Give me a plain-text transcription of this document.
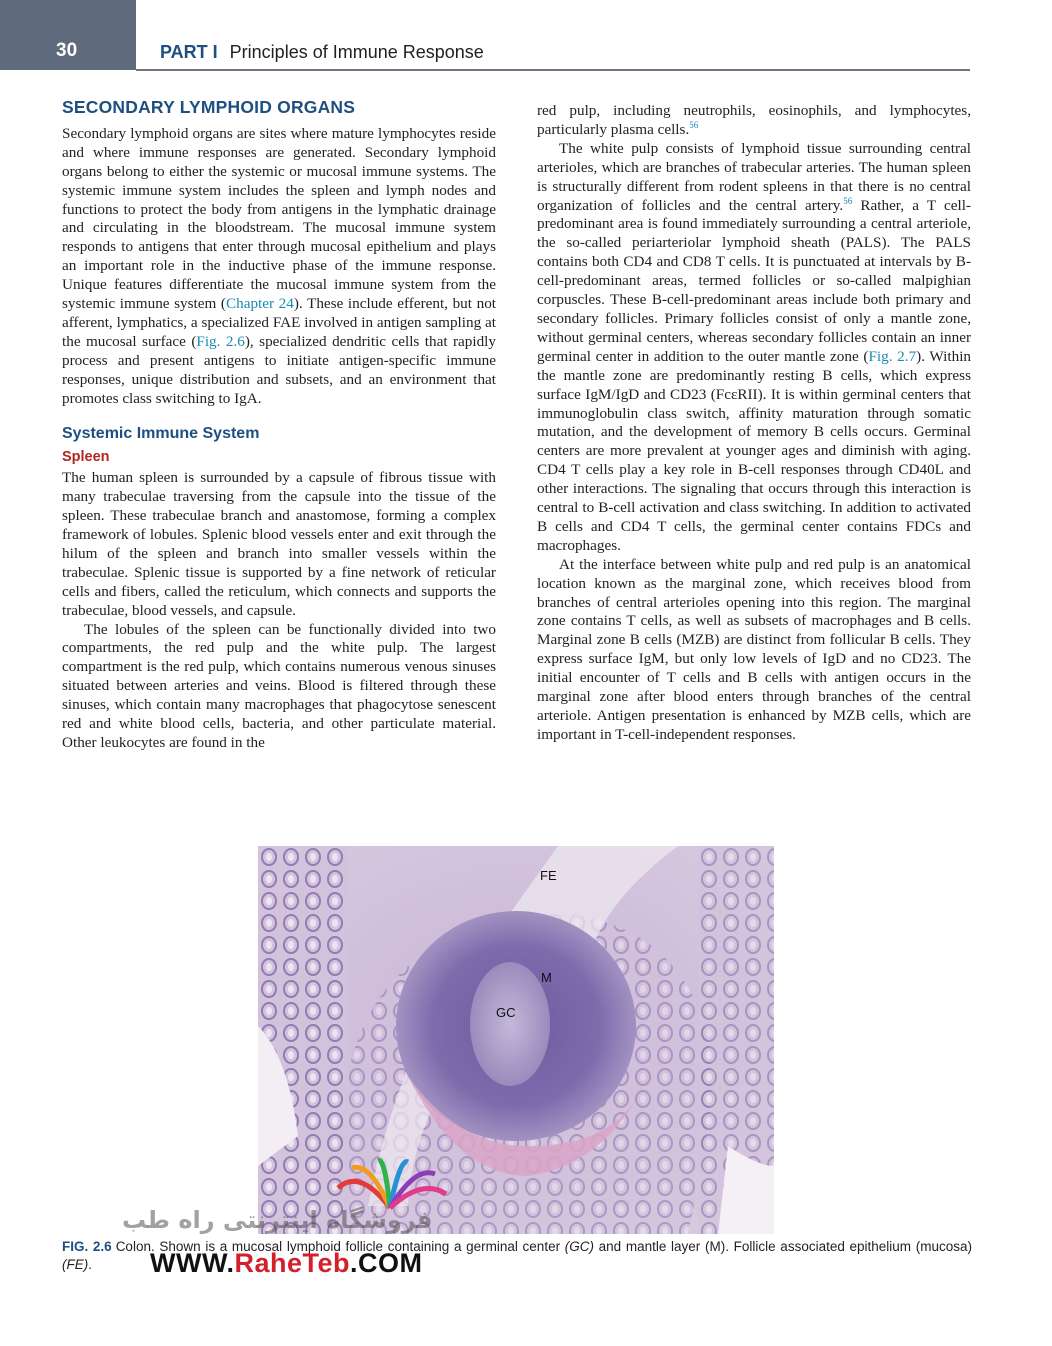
30	PART I Principles of Immune Response
SECONDARY LYMPHOID ORGANS

Secondary lymphoid organs are sites where mature lymphocytes reside and where immune responses are generated. Secondary lymphoid organs belong to either the systemic or mucosal immune systems. The systemic immune system includes the spleen and lymph nodes and functions to protect the body from antigens in the lymphatic drainage and circulating in the bloodstream. The mucosal immune system responds to antigens that enter through mucosal epithelium and plays an important role in the inductive phase of the immune response. Unique features differentiate the mucosal immune system from the systemic immune system (Chapter 24). These include efferent, but not afferent, lymphatics, a specialized FAE involved in antigen sampling at the mucosal surface (Fig. 2.6), specialized dendritic cells that rapidly process and present antigens to initiate antigen-specific immune responses, unique distribution and subsets, and an environment that promotes class switching to IgA.

Systemic Immune System
Spleen

The human spleen is surrounded by a capsule of fibrous tissue with many trabeculae traversing from the capsule into the tissue of the spleen. These trabeculae branch and anastomose, forming a complex framework of lobules. Splenic blood vessels enter and exit through the hilum of the spleen and branch into smaller vessels within the trabeculae. Splenic tissue is supported by a fine network of reticular cells and fibers, called the reticulum, which connects and supports the trabeculae, blood vessels, and capsule.

The lobules of the spleen can be functionally divided into two compartments, the red pulp and the white pulp. The largest compartment is the red pulp, which contains numerous venous sinuses situated between arteries and veins. Blood is filtered through these sinuses, which contain many macrophages that phagocytose senescent red and white blood cells, bacteria, and other particulate material. Other leukocytes are found in the

red pulp, including neutrophils, eosinophils, and lymphocytes, particularly plasma cells.$^{56}$

The white pulp consists of lymphoid tissue surrounding central arterioles, which are branches of trabecular arteries. The human spleen is structurally different from rodent spleens in that there is no central organization of follicles and the central artery.$^{56}$ Rather, a T cell-predominant area is found immediately surrounding a central arteriole, the so-called periarteriolar lymphoid sheath (PALS). The PALS contains both CD4 and CD8 T cells. It is punctuated at intervals by B-cell-predominant areas, termed follicles or so-called malpighian corpuscles. These B-cell-predominant areas include both primary and secondary follicles. Primary follicles consist of only a mantle zone, without germinal centers, whereas secondary follicles contain an inner germinal center in addition to the outer mantle zone (Fig. 2.7). Within the mantle zone are predominantly resting B cells, which express surface IgM/IgD and CD23 (FcεRII). It is within germinal centers that immunoglobulin class switch, affinity maturation through somatic mutation, and the development of memory B cells occurs. Germinal centers are more prevalent at younger ages and diminish with aging. CD4 T cells play a key role in B-cell responses through CD40L and other interactions. The signaling that occurs through this interaction is central to B-cell activation and class switching. In addition to activated B cells and CD4 T cells, the germinal center contains FDCs and macrophages.

At the interface between white pulp and red pulp is an anatomical location known as the marginal zone, which receives blood from branches of central arterioles opening into this region. The marginal zone contains T cells, as well as subsets of macrophages and B cells. Marginal zone B cells (MZB) are distinct from follicular B cells. They express surface IgM, but only low levels of IgD and no CD23. The initial encounter of T cells and B cells with antigen occurs in the marginal zone after blood enters through branches of the central arteriole. Antigen presentation is enhanced by MZB cells, which are important in T-cell-independent responses.

FE
M
GC
FIG. 2.6 Colon. Shown is a mucosal lymphoid follicle containing a germinal center (GC) and mantle layer (M). Follicle associated epithelium (mucosa) (FE).
فروشگاه اینترنتی راه طب
WWW.RaheTeb.COM
